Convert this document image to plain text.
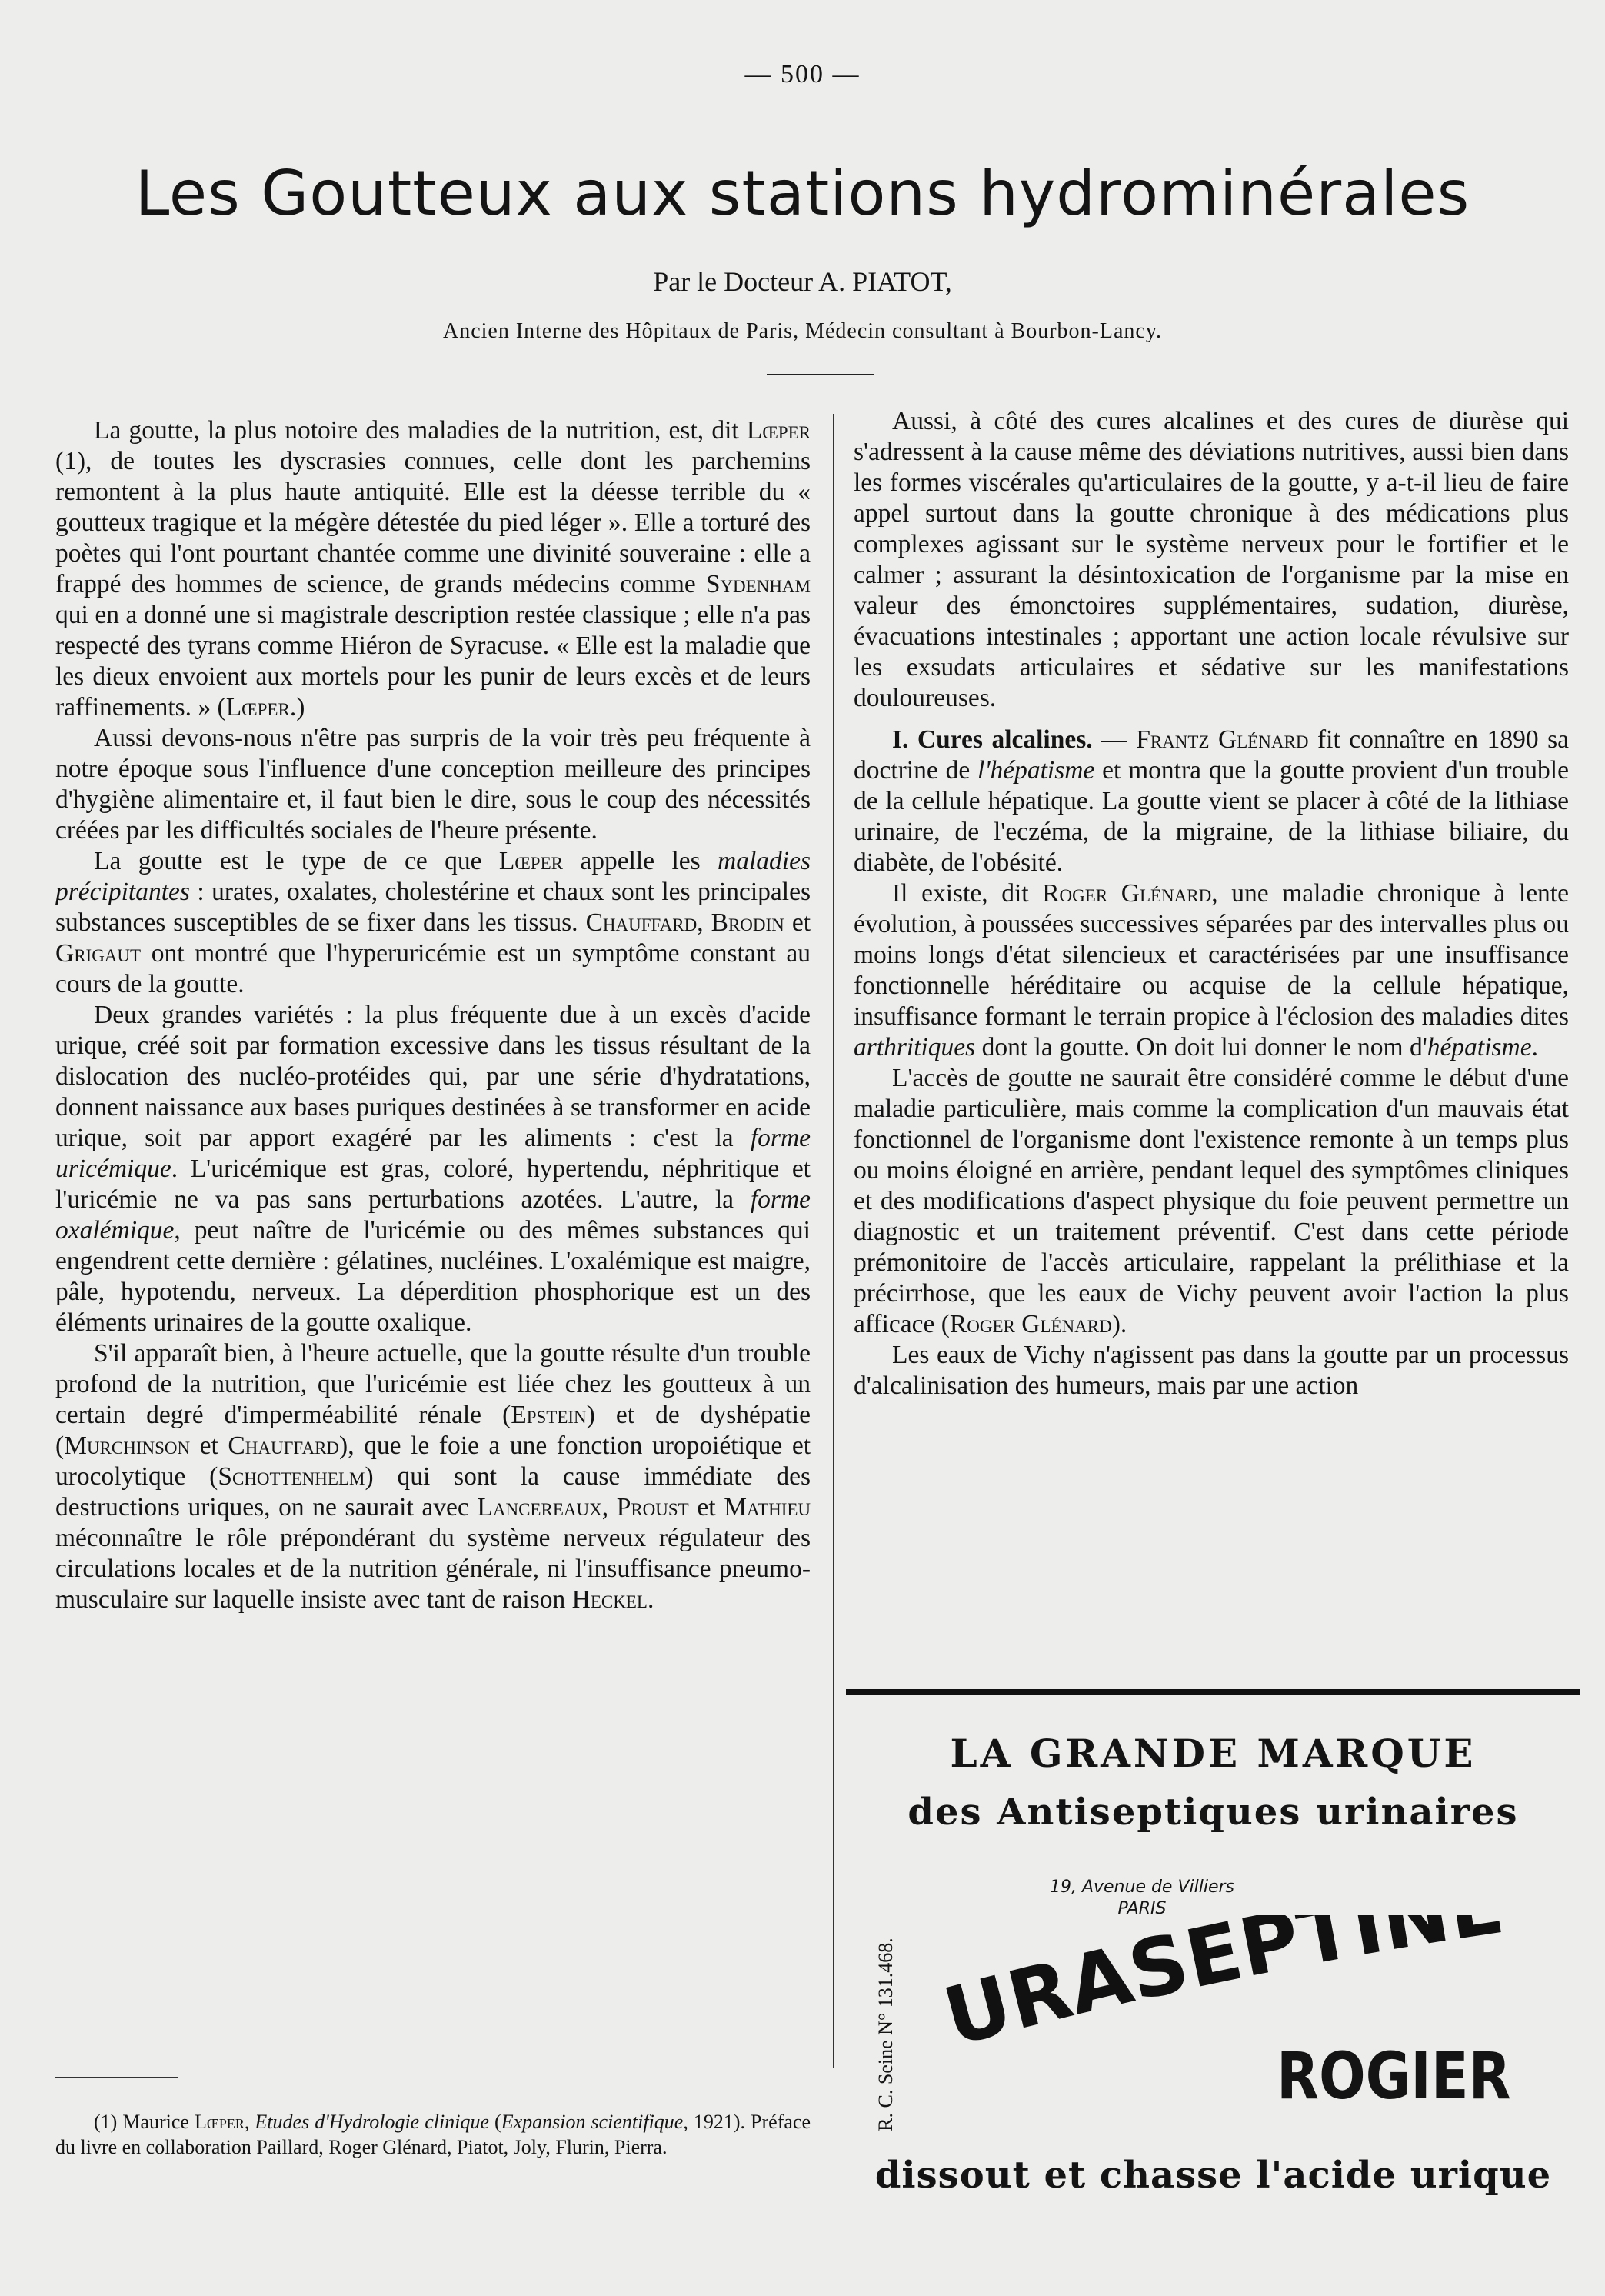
— 500 —
Les Goutteux aux stations hydrominérales
Par le Docteur A. PIATOT,
Ancien Interne des Hôpitaux de Paris, Médecin consultant à Bourbon-Lancy.

La goutte, la plus notoire des maladies de la nutrition, est, dit Lœper (1), de toutes les dyscrasies connues, celle dont les parchemins remontent à la plus haute antiquité. Elle est la déesse terrible du « goutteux tragique et la mégère détestée du pied léger ». Elle a torturé des poètes qui l'ont pourtant chantée comme une divinité souveraine : elle a frappé des hommes de science, de grands médecins comme Sydenham qui en a donné une si magistrale description restée classique ; elle n'a pas respecté des tyrans comme Hiéron de Syracuse. « Elle est la maladie que les dieux envoient aux mortels pour les punir de leurs excès et de leurs raffinements. » (Lœper.)

Aussi devons-nous n'être pas surpris de la voir très peu fréquente à notre époque sous l'influence d'une conception meilleure des principes d'hygiène alimentaire et, il faut bien le dire, sous le coup des nécessités créées par les difficultés sociales de l'heure présente.

La goutte est le type de ce que Lœper appelle les maladies précipitantes : urates, oxalates, cholestérine et chaux sont les principales substances susceptibles de se fixer dans les tissus. Chauffard, Brodin et Grigaut ont montré que l'hyperuricémie est un symptôme constant au cours de la goutte.

Deux grandes variétés : la plus fréquente due à un excès d'acide urique, créé soit par formation excessive dans les tissus résultant de la dislocation des nucléo-protéides qui, par une série d'hydratations, donnent naissance aux bases puriques destinées à se transformer en acide urique, soit par apport exagéré par les aliments : c'est la forme uricémique. L'uricémique est gras, coloré, hypertendu, néphritique et l'uricémie ne va pas sans perturbations azotées. L'autre, la forme oxalémique, peut naître de l'uricémie ou des mêmes substances qui engendrent cette dernière : gélatines, nucléines. L'oxalémique est maigre, pâle, hypotendu, nerveux. La déperdition phosphorique est un des éléments urinaires de la goutte oxalique.

S'il apparaît bien, à l'heure actuelle, que la goutte résulte d'un trouble profond de la nutrition, que l'uricémie est liée chez les goutteux à un certain degré d'imperméabilité rénale (Epstein) et de dyshépatie (Murchinson et Chauffard), que le foie a une fonction uropoiétique et urocolytique (Schottenhelm) qui sont la cause immédiate des destructions uriques, on ne saurait avec Lancereaux, Proust et Mathieu méconnaître le rôle prépondérant du système nerveux régulateur des circulations locales et de la nutrition générale, ni l'insuffisance pneumo-musculaire sur laquelle insiste avec tant de raison Heckel.

(1) Maurice Lœper, Etudes d'Hydrologie clinique (Expansion scientifique, 1921). Préface du livre en collaboration Paillard, Roger Glénard, Piatot, Joly, Flurin, Pierra.

Aussi, à côté des cures alcalines et des cures de diurèse qui s'adressent à la cause même des déviations nutritives, aussi bien dans les formes viscérales qu'articulaires de la goutte, y a-t-il lieu de faire appel surtout dans la goutte chronique à des médications plus complexes agissant sur le système nerveux pour le fortifier et le calmer ; assurant la désintoxication de l'organisme par la mise en valeur des émonctoires supplémentaires, sudation, diurèse, évacuations intestinales ; apportant une action locale révulsive sur les exsudats articulaires et sédative sur les manifestations douloureuses.

I. Cures alcalines. — Frantz Glénard fit connaître en 1890 sa doctrine de l'hépatisme et montra que la goutte provient d'un trouble de la cellule hépatique. La goutte vient se placer à côté de la lithiase urinaire, de l'eczéma, de la migraine, de la lithiase biliaire, du diabète, de l'obésité.

Il existe, dit Roger Glénard, une maladie chronique à lente évolution, à poussées successives séparées par des intervalles plus ou moins longs d'état silencieux et caractérisées par une insuffisance fonctionnelle héréditaire ou acquise de la cellule hépatique, insuffisance formant le terrain propice à l'éclosion des maladies dites arthritiques dont la goutte. On doit lui donner le nom d'hépatisme.

L'accès de goutte ne saurait être considéré comme le début d'une maladie particulière, mais comme la complication d'un mauvais état fonctionnel de l'organisme dont l'existence remonte à un temps plus ou moins éloigné en arrière, pendant lequel des symptômes cliniques et des modifications d'aspect physique du foie peuvent permettre un diagnostic et un traitement préventif. C'est dans cette période prémonitoire de l'accès articulaire, rappelant la prélithiase et la précirrhose, que les eaux de Vichy peuvent avoir l'action la plus afficace (Roger Glénard).

Les eaux de Vichy n'agissent pas dans la goutte par un processus d'alcalinisation des humeurs, mais par une action

LA GRANDE MARQUE
des Antiseptiques urinaires
19, Avenue de Villiers
PARIS
R. C. Seine N° 131.468.	RASEPTIN
ROGIER
dissout et chasse l'acide urique
